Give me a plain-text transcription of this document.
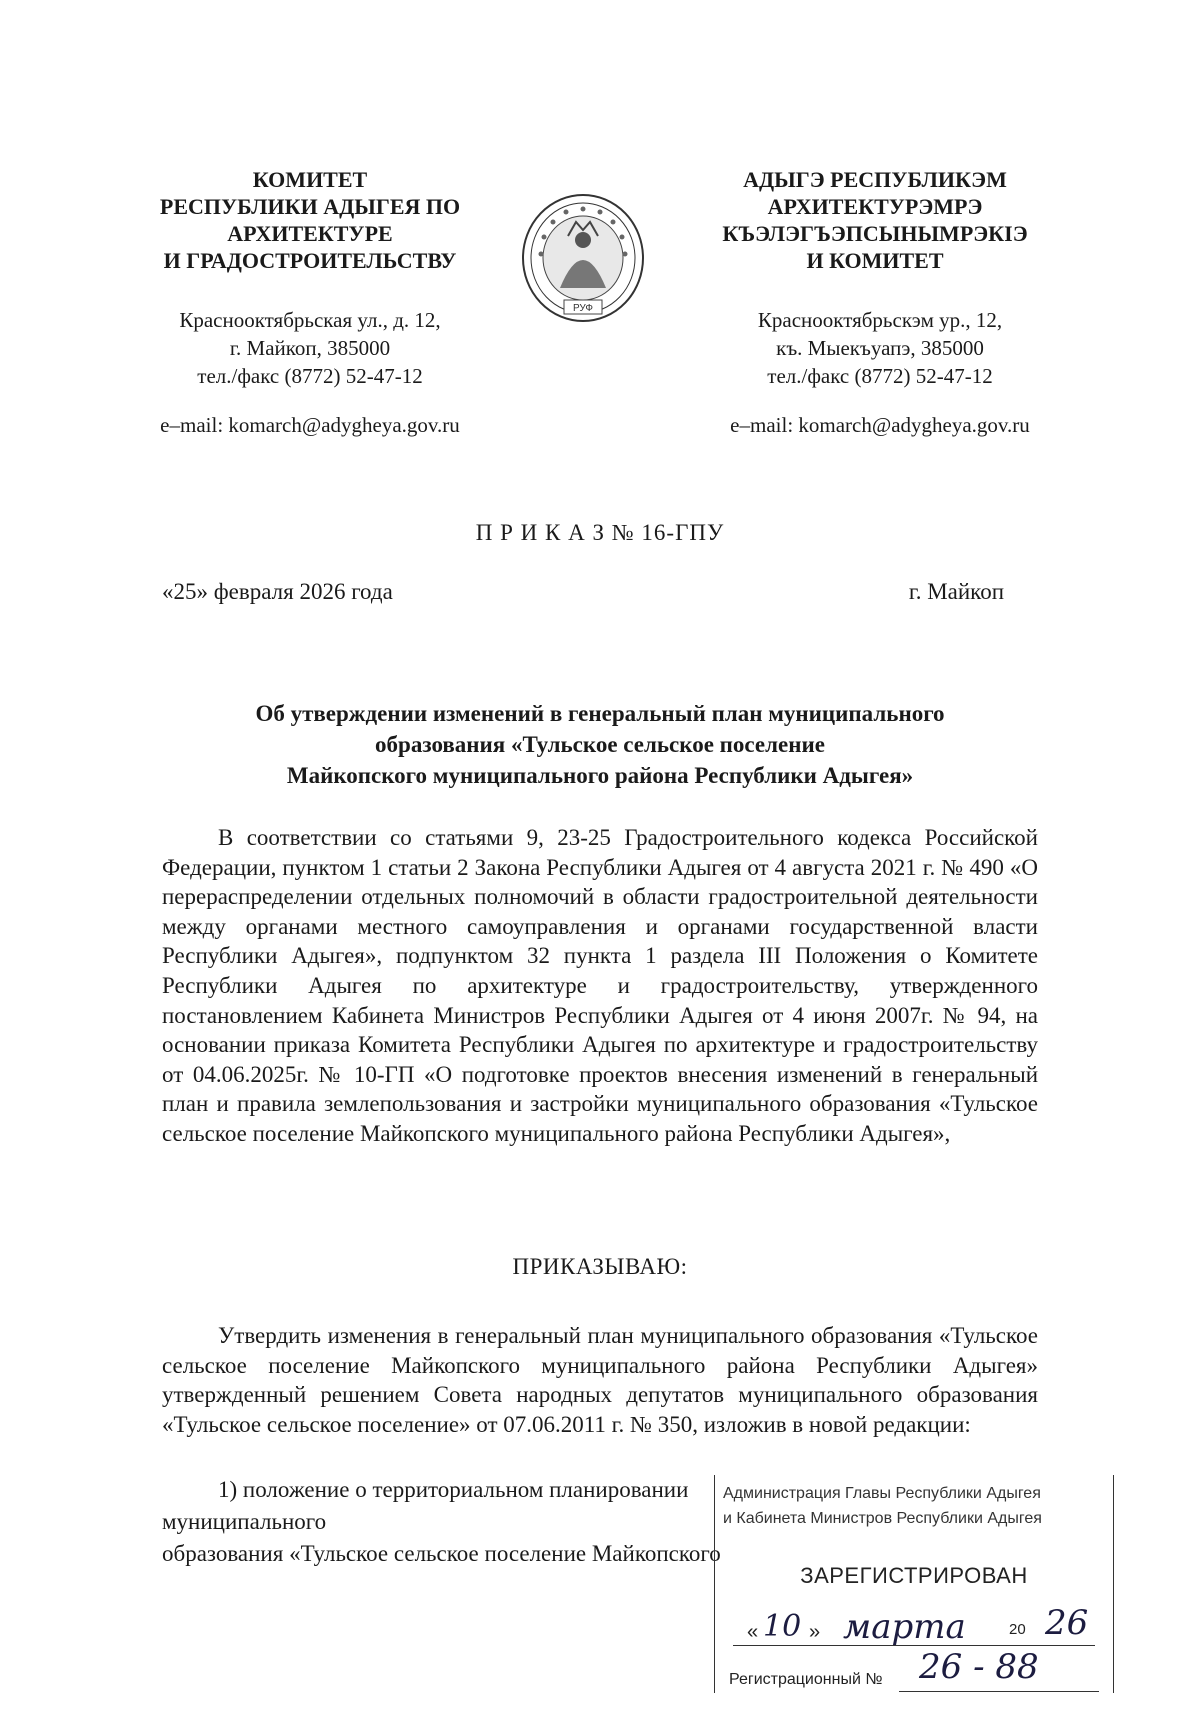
КОМИТЕТ
РЕСПУБЛИКИ АДЫГЕЯ ПО
АРХИТЕКТУРЕ
И ГРАДОСТРОИТЕЛЬСТВУ
Краснооктябрьская ул., д. 12,
г. Майкоп, 385000
тел./факс (8772) 52-47-12
e–mail: komarch@adygheya.gov.ru
РУФ
АДЫГЭ РЕСПУБЛИКЭМ
АРХИТЕКТУРЭМРЭ
КЪЭЛЭГЪЭПСЫНЫМРЭКIЭ
И КОМИТЕТ
Краснооктябрьскэм ур., 12,
къ. Мыекъуапэ, 385000
тел./факс (8772) 52-47-12
e–mail: komarch@adygheya.gov.ru
П Р И К А З № 16-ГПУ
«25» февраля 2026 года	г. Майкоп
Об утверждении изменений в генеральный план муниципального
образования «Тульское сельское поселение
Майкопского муниципального района Республики Адыгея»
В соответствии со статьями 9, 23-25 Градостроительного кодекса Российской Федерации, пунктом 1 статьи 2 Закона Республики Адыгея от 4 августа 2021 г. № 490 «О перераспределении отдельных полномочий в области градостроительной деятельности между органами местного самоуправления и органами государственной власти Республики Адыгея», подпунктом 32 пункта 1 раздела III Положения о Комитете Республики Адыгея по архитектуре и градостроительству, утвержденного постановлением Кабинета Министров Республики Адыгея от 4 июня 2007г. № 94, на основании приказа Комитета Республики Адыгея по архитектуре и градостроительству от 04.06.2025г. № 10-ГП «О подготовке проектов внесения изменений в генеральный план и правила землепользования и застройки муниципального образования «Тульское сельское поселение Майкопского муниципального района Республики Адыгея»,
ПРИКАЗЫВАЮ:
Утвердить изменения в генеральный план муниципального образования «Тульское сельское поселение Майкопского муниципального района Республики Адыгея» утвержденный решением Совета народных депутатов муниципального образования «Тульское сельское поселение» от 07.06.2011 г. № 350, изложив в новой редакции:
1) положение о территориальном планировании муниципального
образования «Тульское сельское поселение Майкопского
Администрация Главы Республики Адыгея
и Кабинета Министров Республики Адыгея
ЗАРЕГИСТРИРОВАН
« 10 » марта 26
20
Регистрационный № 26 - 88
